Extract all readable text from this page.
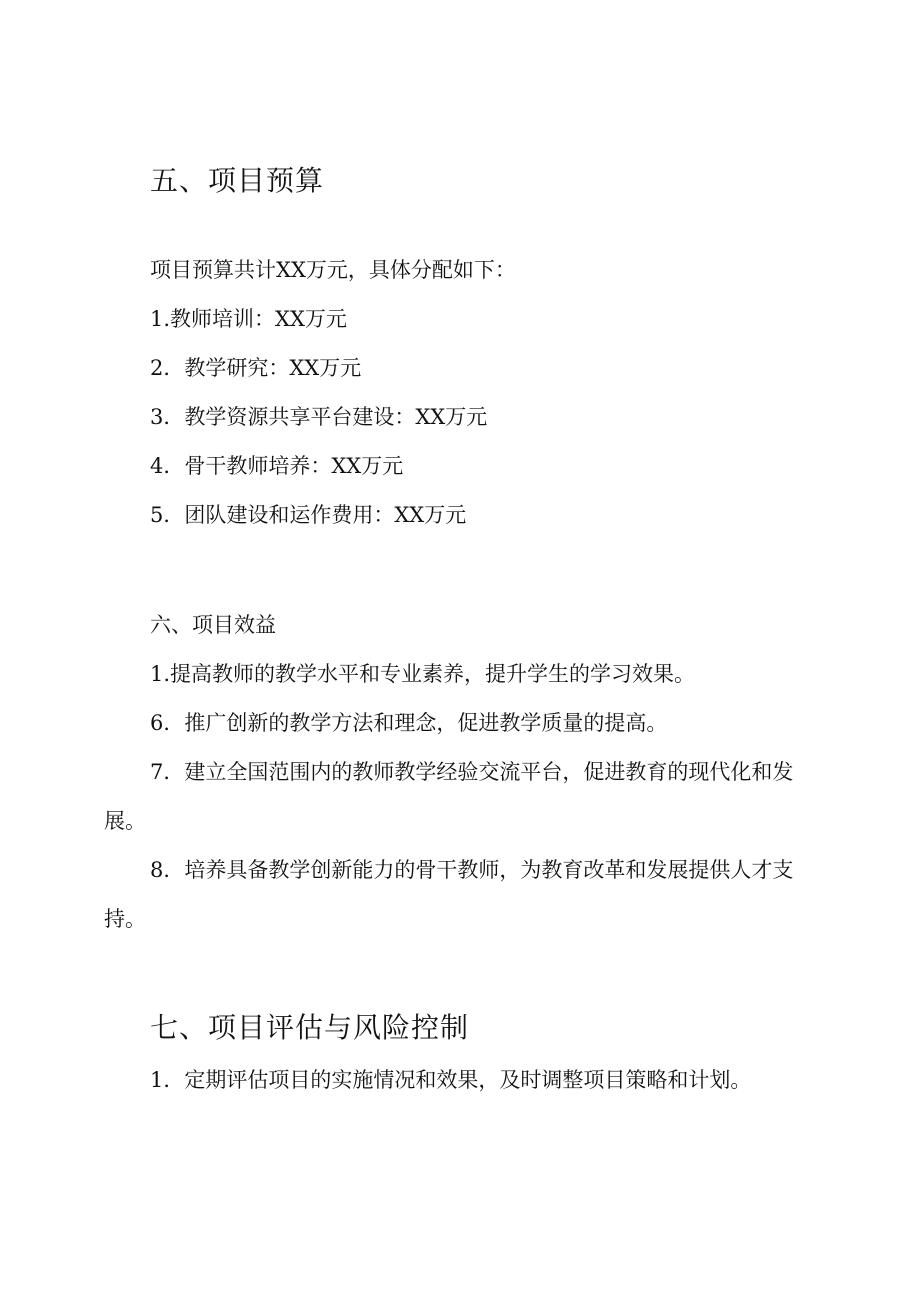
五、项目预算
项目预算共计XX万元，具体分配如下：
1.教师培训：XX万元
2．教学研究：XX万元
3．教学资源共享平台建设：XX万元
4．骨干教师培养：XX万元
5．团队建设和运作费用：XX万元
六、项目效益
1.提高教师的教学水平和专业素养，提升学生的学习效果。
6．推广创新的教学方法和理念，促进教学质量的提高。
7．建立全国范围内的教师教学经验交流平台，促进教育的现代化和发展。
8．培养具备教学创新能力的骨干教师，为教育改革和发展提供人才支持。
七、项目评估与风险控制
1．定期评估项目的实施情况和效果，及时调整项目策略和计划。
